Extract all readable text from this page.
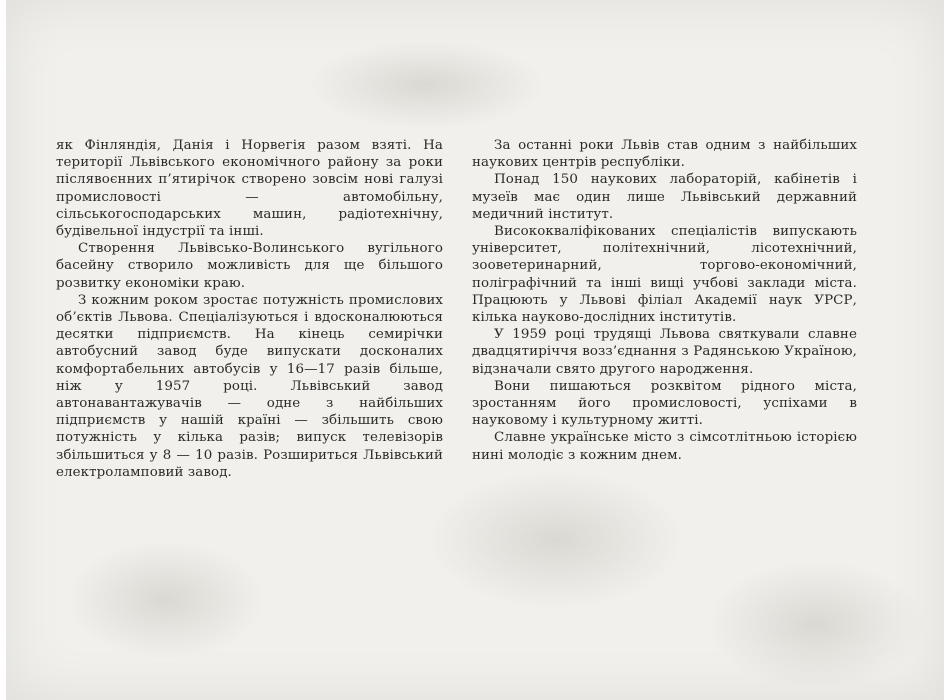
як Фінляндія, Данія і Норвегія разом взяті. На території Львівського економічного району за роки післявоєнних п’ятирічок створено зовсім нові галузі промисловості — автомобільну, сільськогосподарських машин, радіотехнічну, будівельної індустрії та інші.

Створення Львівсько-Волинського вугільного басейну створило можливість для ще більшого розвитку економіки краю.

З кожним роком зростає потужність промислових об’єктів Львова. Спеціалізуються і вдосконалюються десятки підприємств. На кінець семирічки автобусний завод буде випускати досконалих комфортабельних автобусів у 16—17 разів більше, ніж у 1957 році. Львівський завод автонавантажувачів — одне з найбільших підприємств у нашій країні — збільшить свою потужність у кілька разів; випуск телевізорів збільшиться у 8 — 10 разів. Розшириться Львівський електроламповий завод.

За останні роки Львів став одним з найбільших наукових центрів республіки.

Понад 150 наукових лабораторій, кабінетів і музеїв має один лише Львівський державний медичний інститут.

Висококваліфікованих спеціалістів випускають університет, політехнічний, лісотехнічний, зооветеринарний, торгово-економічний, поліграфічний та інші вищі учбові заклади міста. Працюють у Львові філіал Академії наук УРСР, кілька науково-дослідних інститутів.

У 1959 році трудящі Львова святкували славне двадцятиріччя возз’єднання з Радянською Україною, відзначали свято другого народження.

Вони пишаються розквітом рідного міста, зростанням його промисловості, успіхами в науковому і культурному житті.

Славне українське місто з сімсотлітньою історією нині молодіє з кожним днем.
